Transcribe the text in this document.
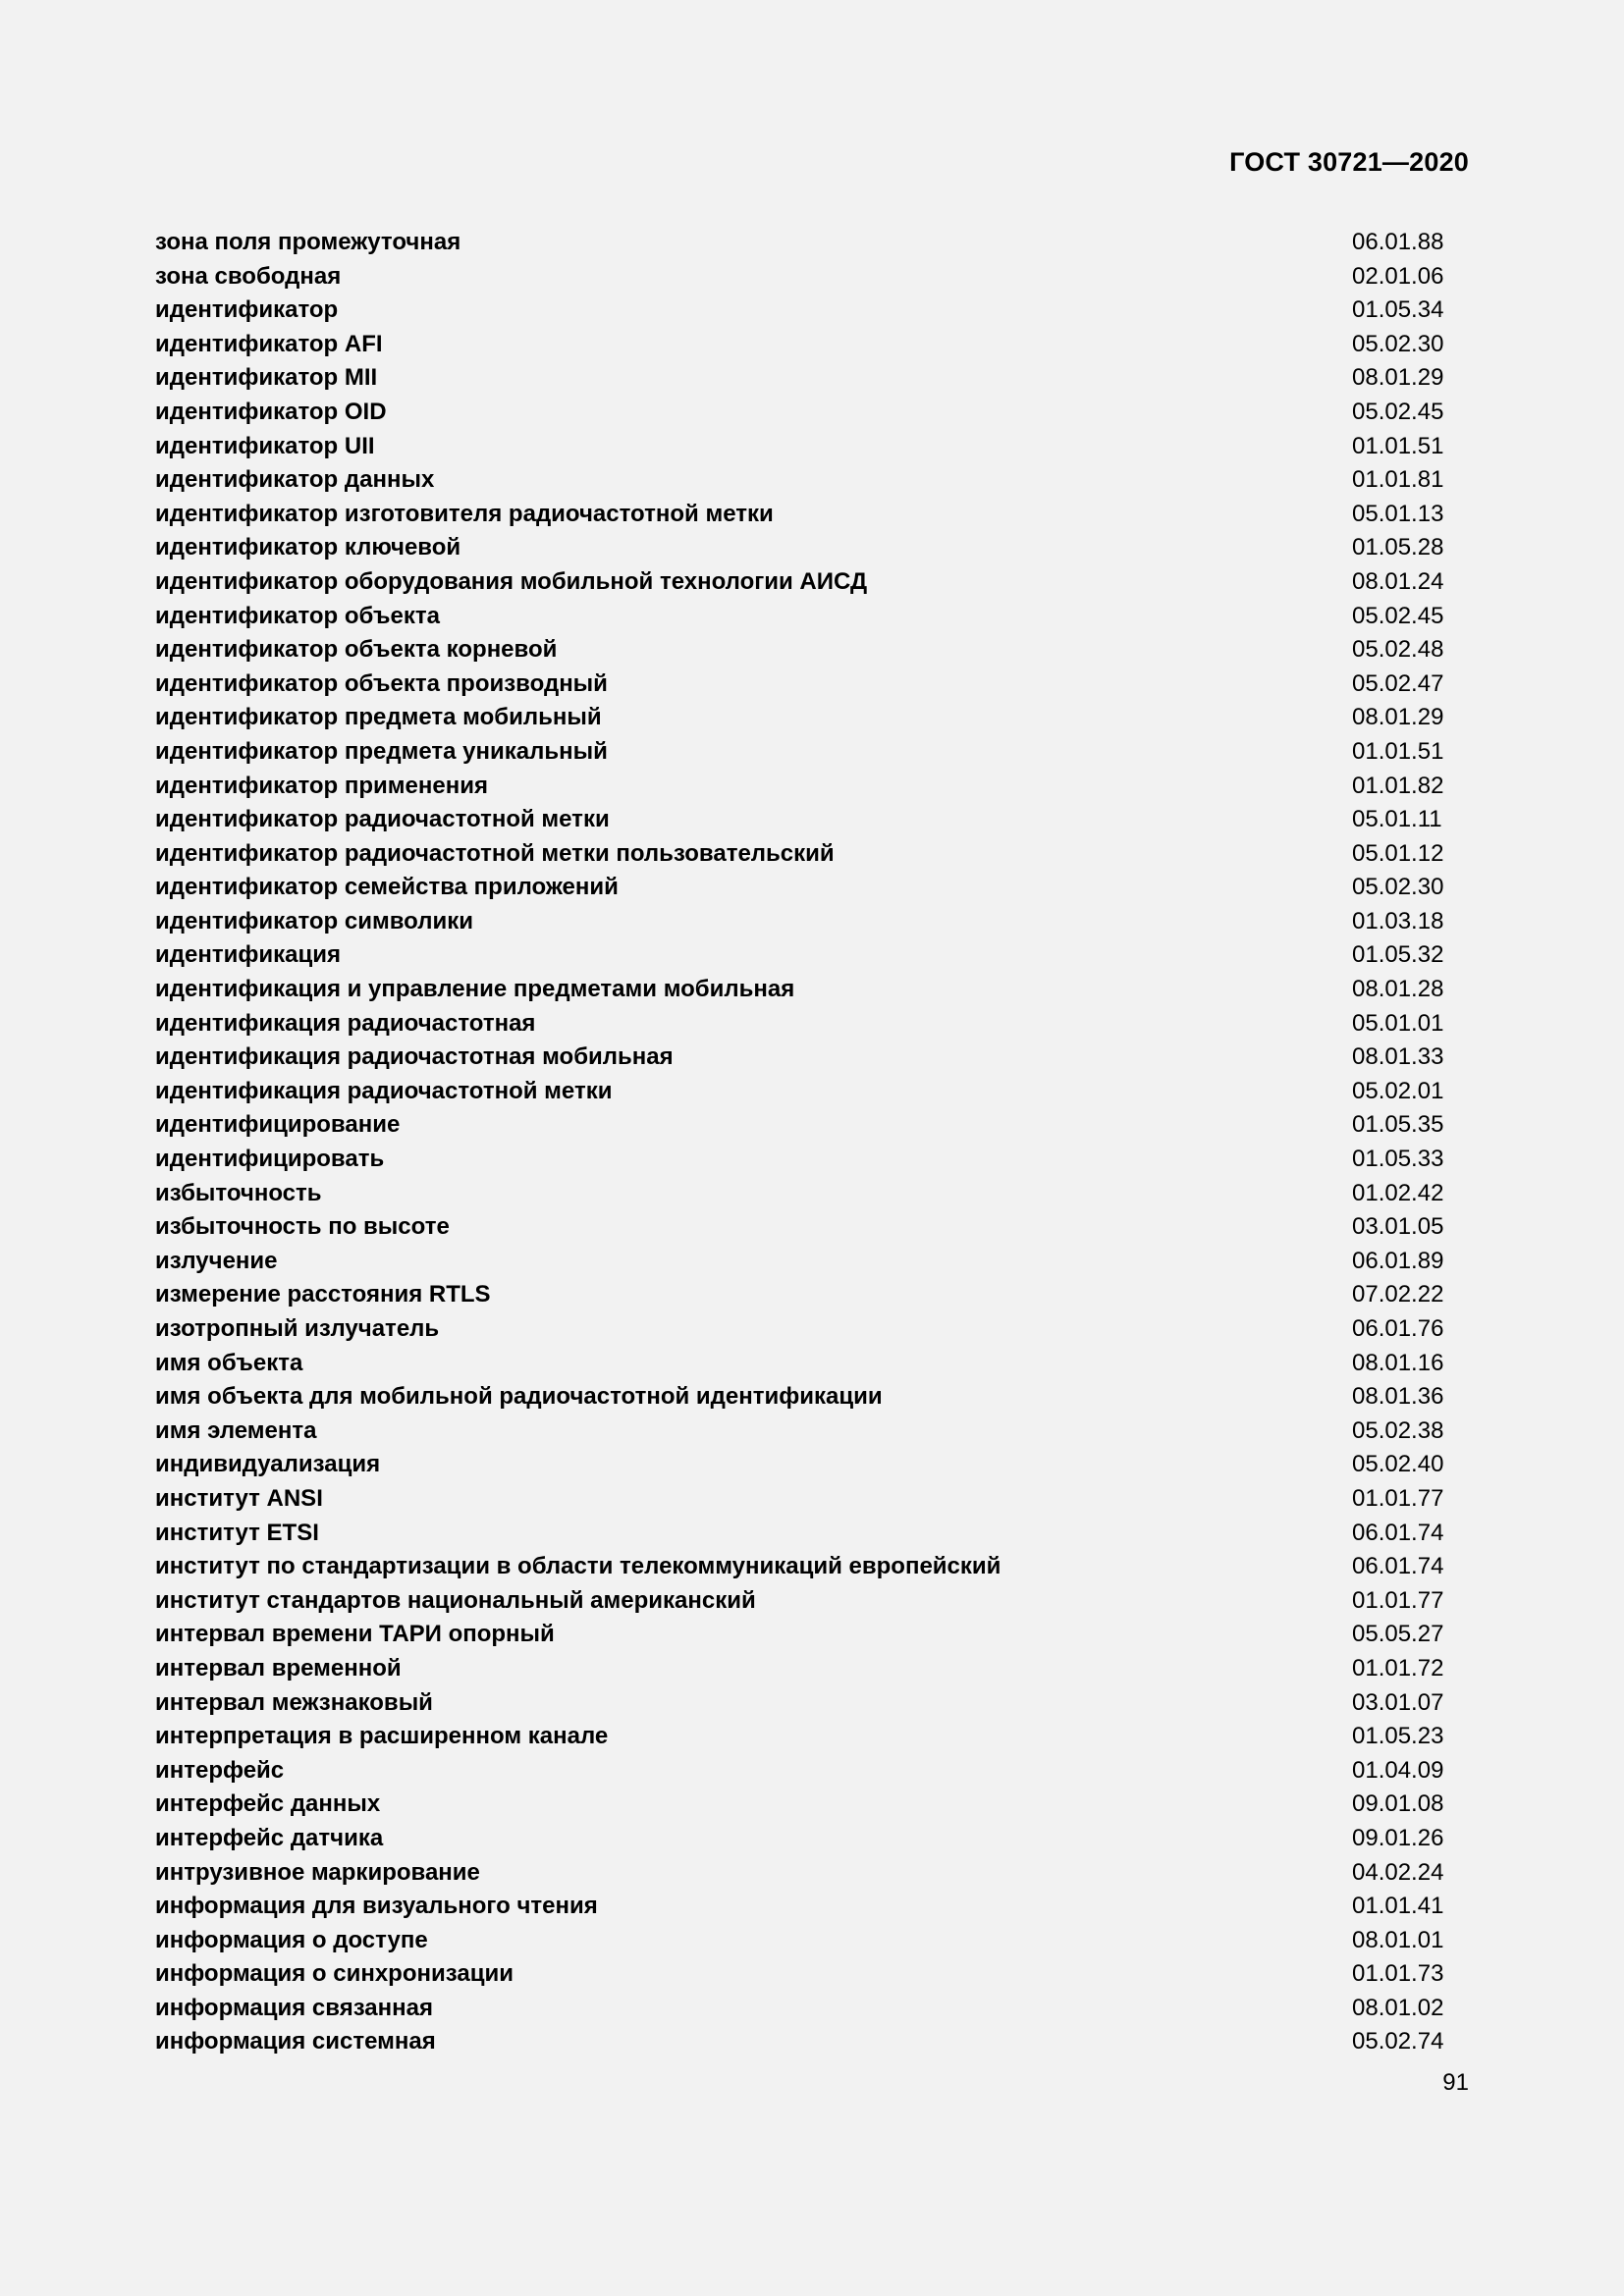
ГОСТ 30721—2020
зона поля промежуточная	06.01.88
зона свободная	02.01.06
идентификатор	01.05.34
идентификатор AFI	05.02.30
идентификатор MII	08.01.29
идентификатор OID	05.02.45
идентификатор UII	01.01.51
идентификатор данных	01.01.81
идентификатор изготовителя радиочастотной метки	05.01.13
идентификатор ключевой	01.05.28
идентификатор оборудования мобильной технологии АИСД	08.01.24
идентификатор объекта	05.02.45
идентификатор объекта корневой	05.02.48
идентификатор объекта производный	05.02.47
идентификатор предмета мобильный	08.01.29
идентификатор предмета уникальный	01.01.51
идентификатор применения	01.01.82
идентификатор радиочастотной метки	05.01.11
идентификатор радиочастотной метки пользовательский	05.01.12
идентификатор семейства приложений	05.02.30
идентификатор символики	01.03.18
идентификация	01.05.32
идентификация и управление предметами мобильная	08.01.28
идентификация радиочастотная	05.01.01
идентификация радиочастотная мобильная	08.01.33
идентификация радиочастотной метки	05.02.01
идентифицирование	01.05.35
идентифицировать	01.05.33
избыточность	01.02.42
избыточность по высоте	03.01.05
излучение	06.01.89
измерение расстояния RTLS	07.02.22
изотропный излучатель	06.01.76
имя объекта	08.01.16
имя объекта для мобильной радиочастотной идентификации	08.01.36
имя элемента	05.02.38
индивидуализация	05.02.40
институт ANSI	01.01.77
институт ETSI	06.01.74
институт по стандартизации в области телекоммуникаций европейский	06.01.74
институт стандартов национальный американский	01.01.77
интервал времени ТАРИ опорный	05.05.27
интервал временной	01.01.72
интервал межзнаковый	03.01.07
интерпретация в расширенном канале	01.05.23
интерфейс	01.04.09
интерфейс данных	09.01.08
интерфейс датчика	09.01.26
интрузивное маркирование	04.02.24
информация для визуального чтения	01.01.41
информация о доступе	08.01.01
информация о синхронизации	01.01.73
информация связанная	08.01.02
информация системная	05.02.74
91
